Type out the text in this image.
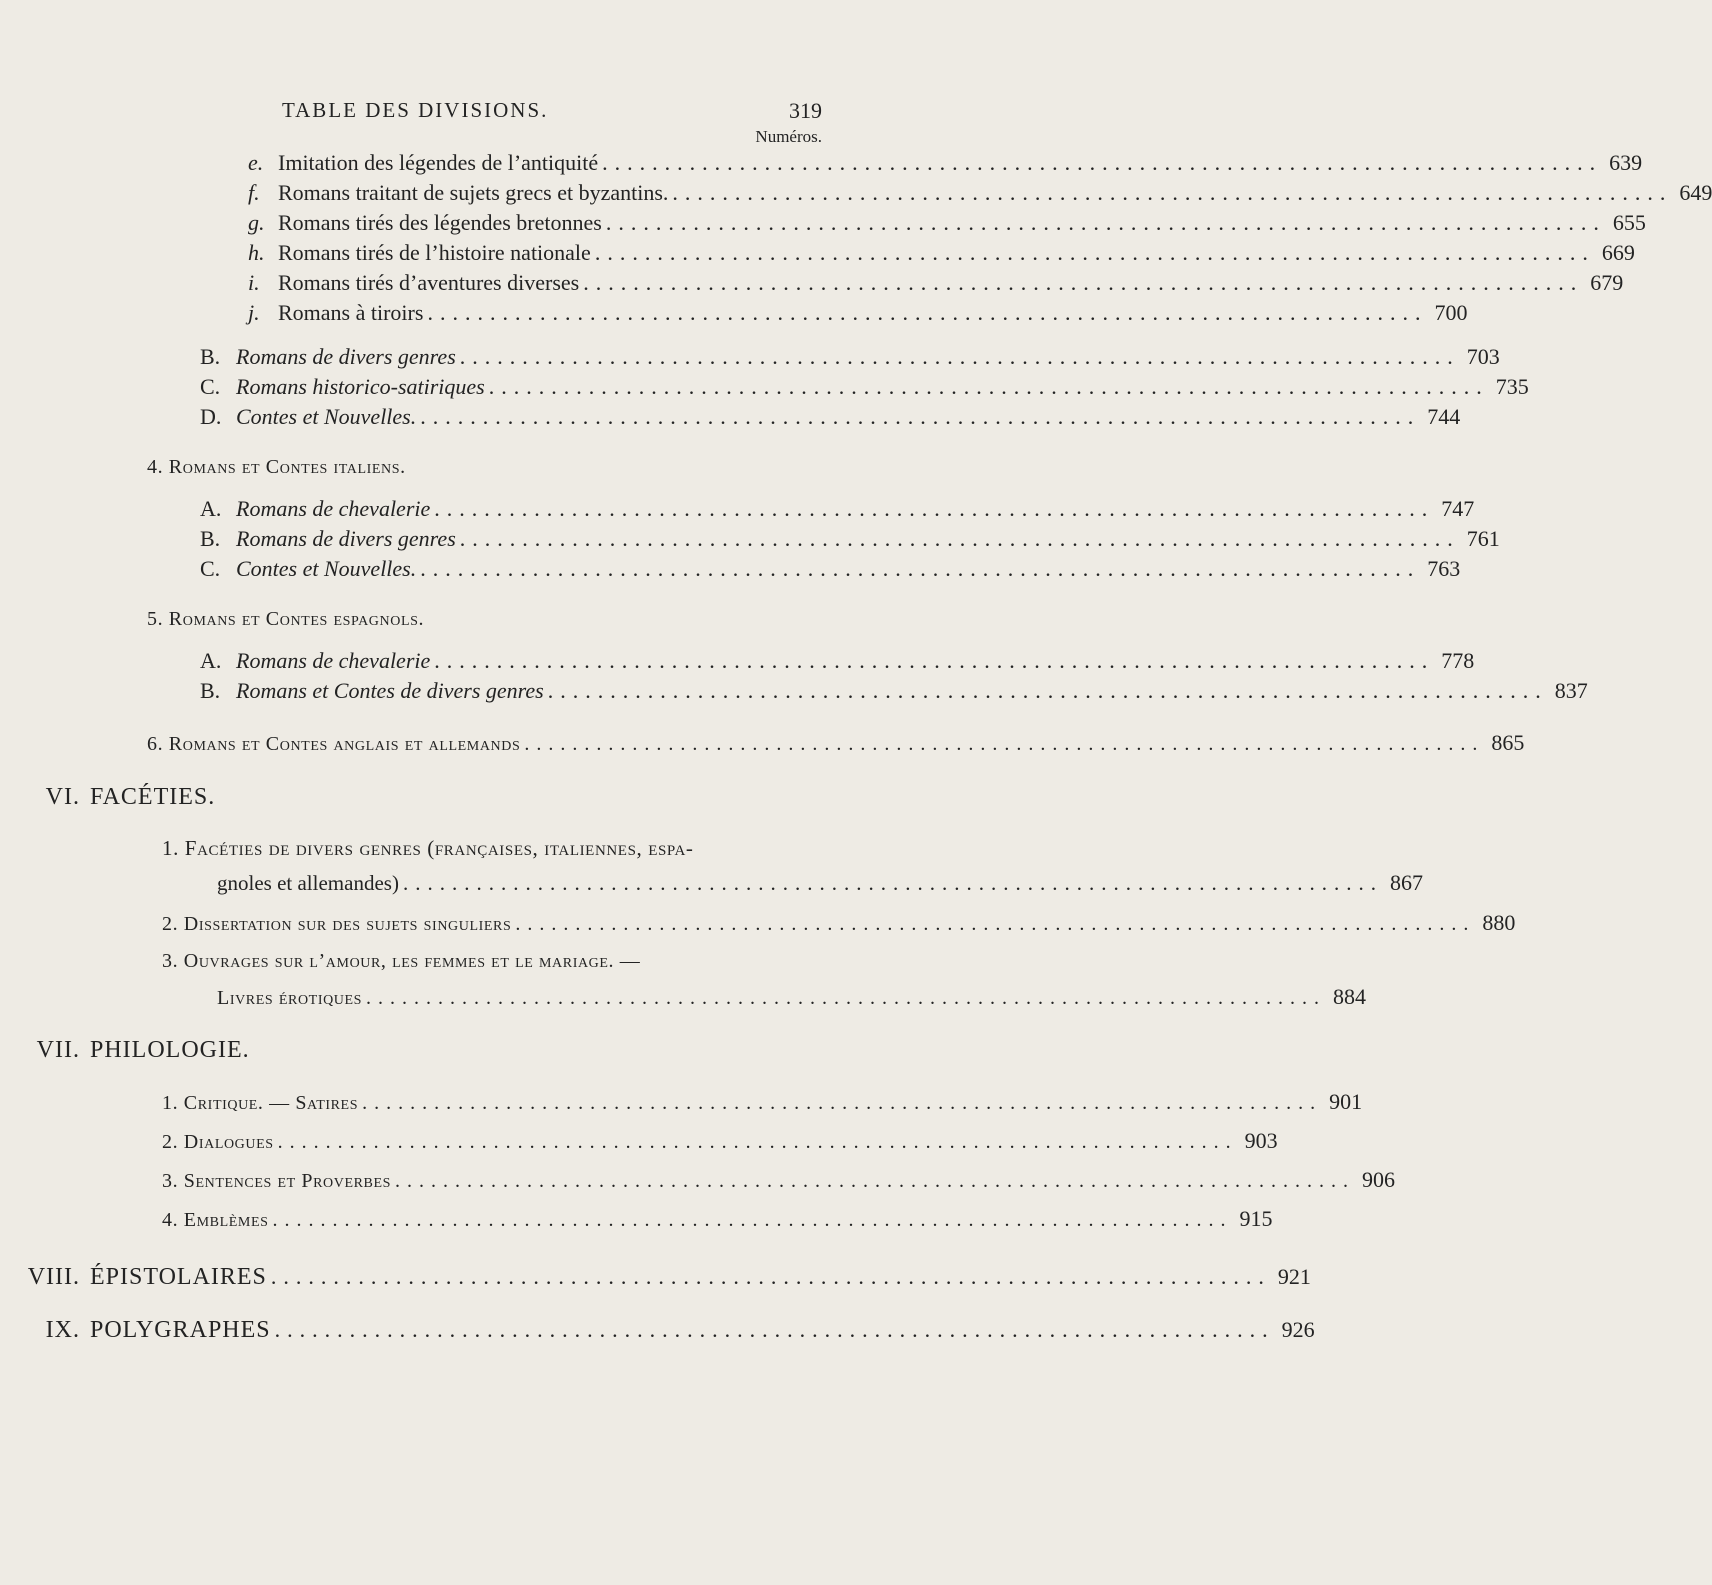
TABLE DES DIVISIONS.	319
Numéros.
e. Imitation des légendes de l’antiquité ................................................................................ 639
f. Romans traitant de sujets grecs et byzantins. ................................................................................ 649
g. Romans tirés des légendes bretonnes ................................................................................ 655
h. Romans tirés de l’histoire nationale ................................................................................ 669
i. Romans tirés d’aventures diverses ................................................................................ 679
j. Romans à tiroirs ................................................................................ 700
B. Romans de divers genres ................................................................................ 703
C. Romans historico-satiriques ................................................................................ 735
D. Contes et Nouvelles. ................................................................................ 744
4. Romans et Contes italiens.
A. Romans de chevalerie ................................................................................ 747
B. Romans de divers genres ................................................................................ 761
C. Contes et Nouvelles. ................................................................................ 763
5. Romans et Contes espagnols.
A. Romans de chevalerie ................................................................................ 778
B. Romans et Contes de divers genres ................................................................................ 837
6. Romans et Contes anglais et allemands ................................................................................ 865
VI. FACÉTIES.
1. Facéties de divers genres (françaises, italiennes, espa-
gnoles et allemandes) ................................................................................ 867
2. Dissertation sur des sujets singuliers ................................................................................ 880
3. Ouvrages sur l’amour, les femmes et le mariage. —
Livres érotiques ................................................................................ 884
VII. PHILOLOGIE.
1. Critique. — Satires ................................................................................ 901
2. Dialogues ................................................................................ 903
3. Sentences et Proverbes ................................................................................ 906
4. Emblèmes ................................................................................ 915
VIII. ÉPISTOLAIRES ................................................................................ 921
IX. POLYGRAPHES ................................................................................ 926
